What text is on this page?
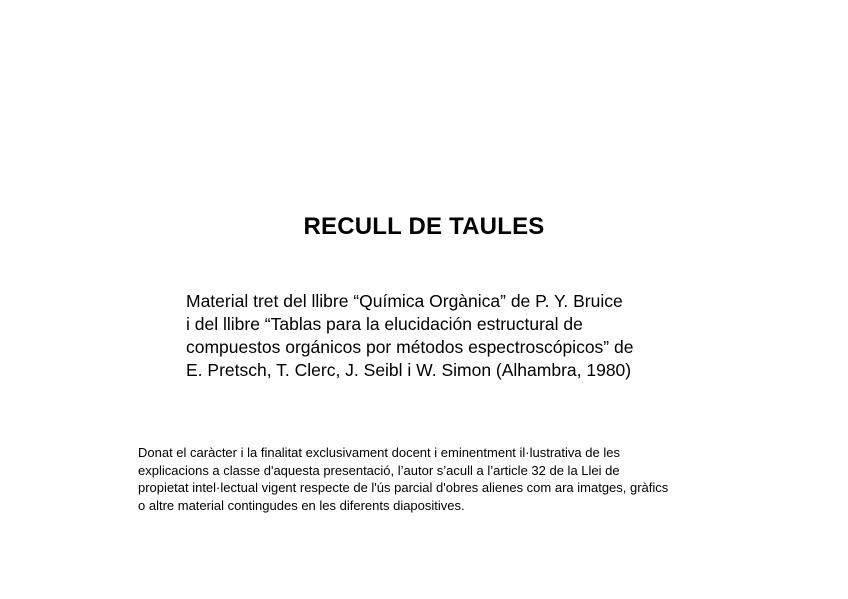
RECULL DE TAULES
Material tret del llibre “Química Orgànica” de P. Y. Bruice
i del llibre “Tablas para la elucidación estructural de
compuestos orgánicos por métodos espectroscópicos” de
E. Pretsch, T. Clerc, J. Seibl i W. Simon (Alhambra, 1980)
Donat el caràcter i la finalitat exclusivament docent i eminentment il·lustrativa de les
explicacions a classe d'aquesta presentació, l’autor s’acull a l’article 32 de la Llei de
propietat intel·lectual vigent respecte de l'ús parcial d'obres alienes com ara imatges, gràfics
o altre material contingudes en les diferents diapositives.
